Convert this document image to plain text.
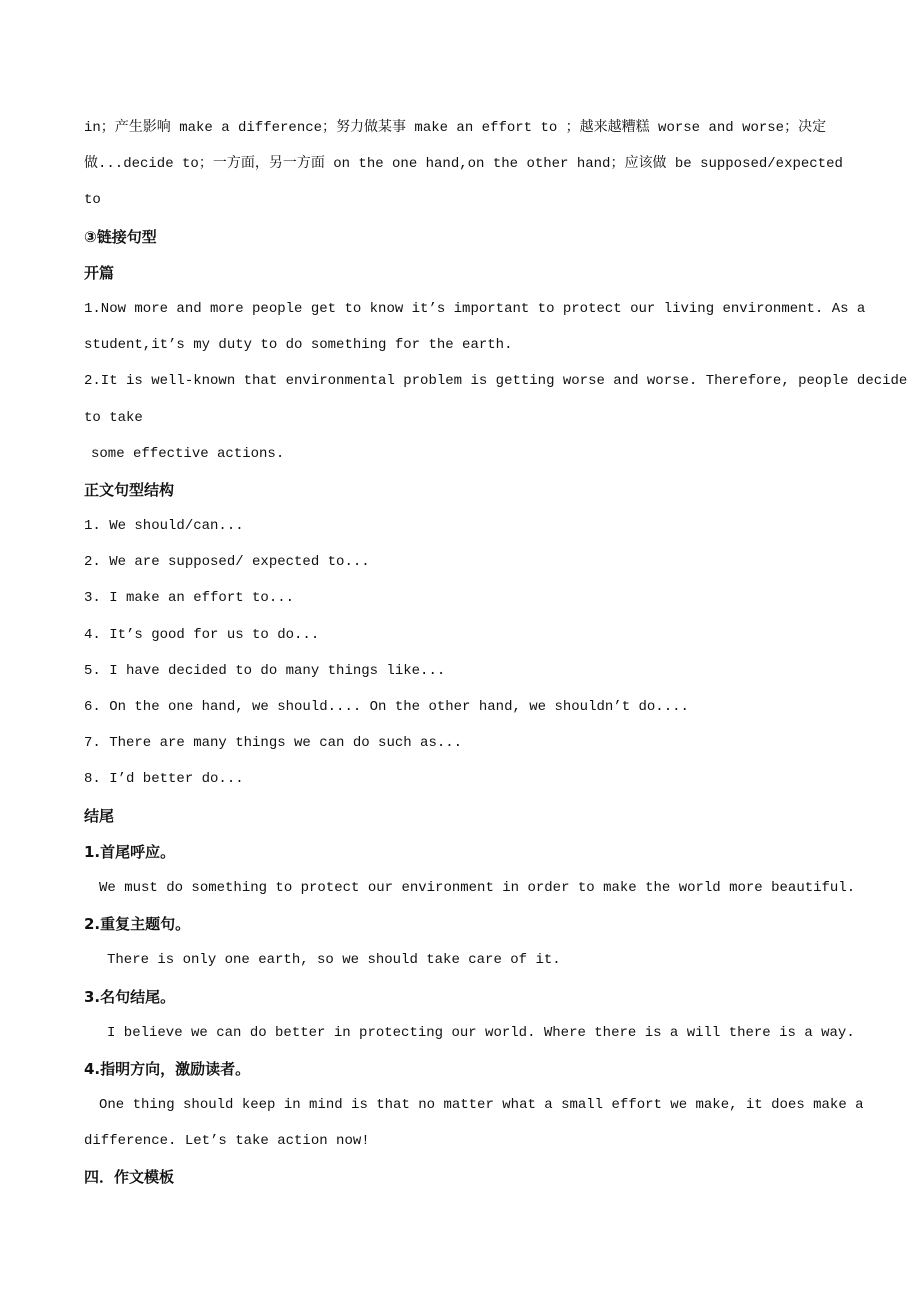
in；产生影响 make a difference；努力做某事 make an effort to ；越来越糟糕 worse and worse；决定
做...decide to；一方面，另一方面 on the one hand,on the other hand；应该做 be supposed/expected
to
③链接句型
开篇
1.Now more and more people get to know it’s important to protect our living environment. As a
student,it’s my duty to do something for the earth.
2.It is well-known that environmental problem is getting worse and worse. Therefore, people decide
to take
some effective actions.
正文句型结构
1. We should/can...
2. We are supposed/ expected to...
3. I make an effort to...
4. It’s good for us to do...
5. I have decided to do many things like...
6. On the one hand, we should.... On the other hand, we shouldn’t do....
7. There are many things we can do such as...
8. I’d better do...
结尾
1.首尾呼应。
We must do something to protect our environment in order to make the world more beautiful.
2.重复主题句。
There is only one earth, so we should take care of it.
3.名句结尾。
I believe we can do better in protecting our world. Where there is a will there is a way.
4.指明方向，激励读者。
One thing should keep in mind is that no matter what a small effort we make, it does make a
difference. Let’s take action now!
四．作文模板
